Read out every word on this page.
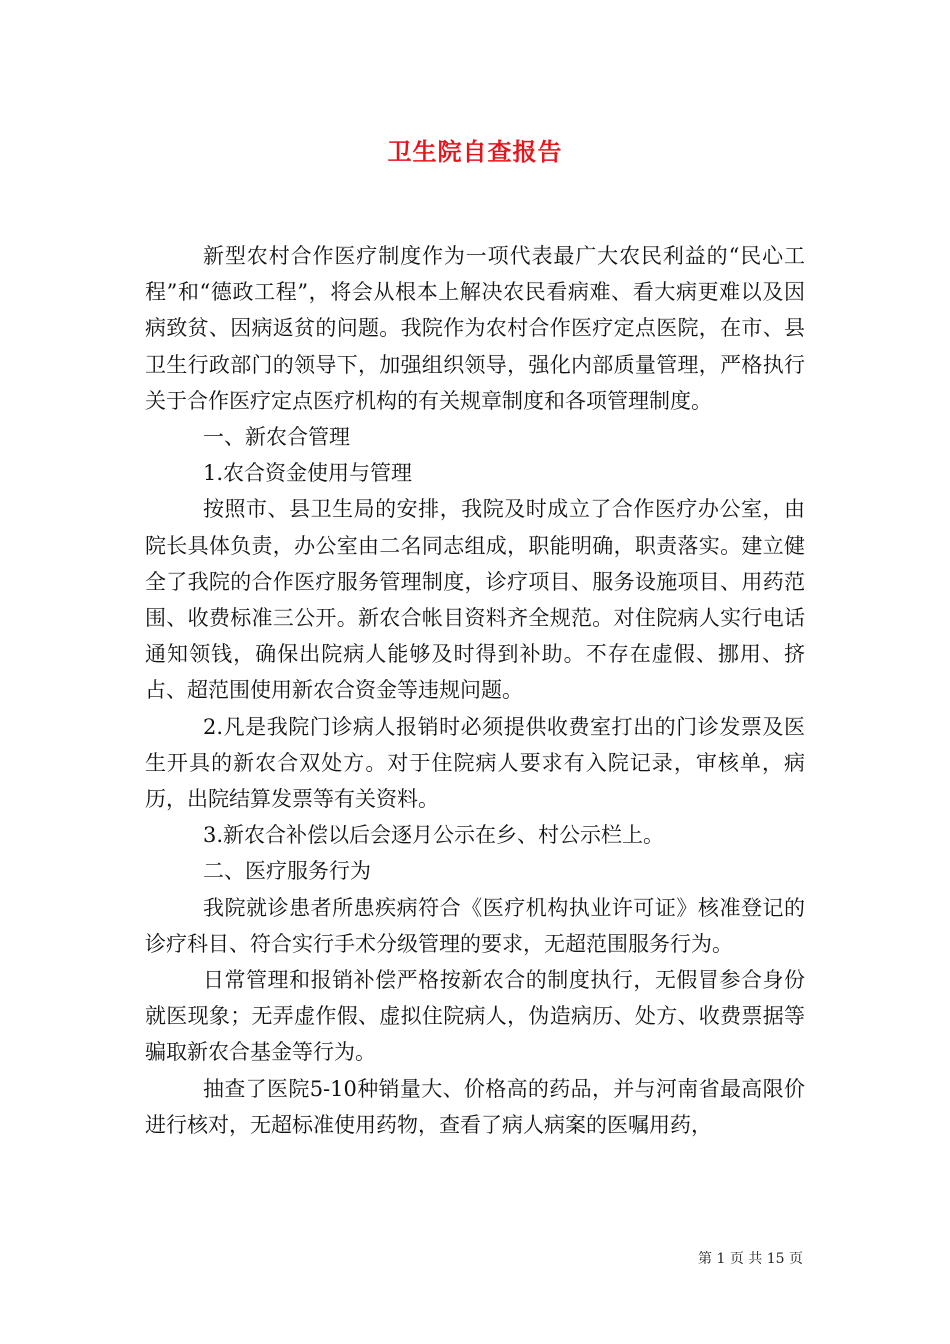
卫生院自查报告

新型农村合作医疗制度作为一项代表最广大农民利益的“民心工程”和“德政工程”，将会从根本上解决农民看病难、看大病更难以及因病致贫、因病返贫的问题。我院作为农村合作医疗定点医院，在市、县卫生行政部门的领导下，加强组织领导，强化内部质量管理，严格执行关于合作医疗定点医疗机构的有关规章制度和各项管理制度。

一、新农合管理

1.农合资金使用与管理

按照市、县卫生局的安排，我院及时成立了合作医疗办公室，由院长具体负责，办公室由二名同志组成，职能明确，职责落实。建立健全了我院的合作医疗服务管理制度，诊疗项目、服务设施项目、用药范围、收费标准三公开。新农合帐目资料齐全规范。对住院病人实行电话通知领钱，确保出院病人能够及时得到补助。不存在虚假、挪用、挤占、超范围使用新农合资金等违规问题。

2.凡是我院门诊病人报销时必须提供收费室打出的门诊发票及医生开具的新农合双处方。对于住院病人要求有入院记录，审核单，病历，出院结算发票等有关资料。

3.新农合补偿以后会逐月公示在乡、村公示栏上。

二、医疗服务行为

我院就诊患者所患疾病符合《医疗机构执业许可证》核准登记的诊疗科目、符合实行手术分级管理的要求，无超范围服务行为。

日常管理和报销补偿严格按新农合的制度执行，无假冒参合身份就医现象；无弄虚作假、虚拟住院病人，伪造病历、处方、收费票据等骗取新农合基金等行为。

抽查了医院5-10种销量大、价格高的药品，并与河南省最高限价进行核对，无超标准使用药物，查看了病人病案的医嘱用药，

第 1 页 共 15 页
